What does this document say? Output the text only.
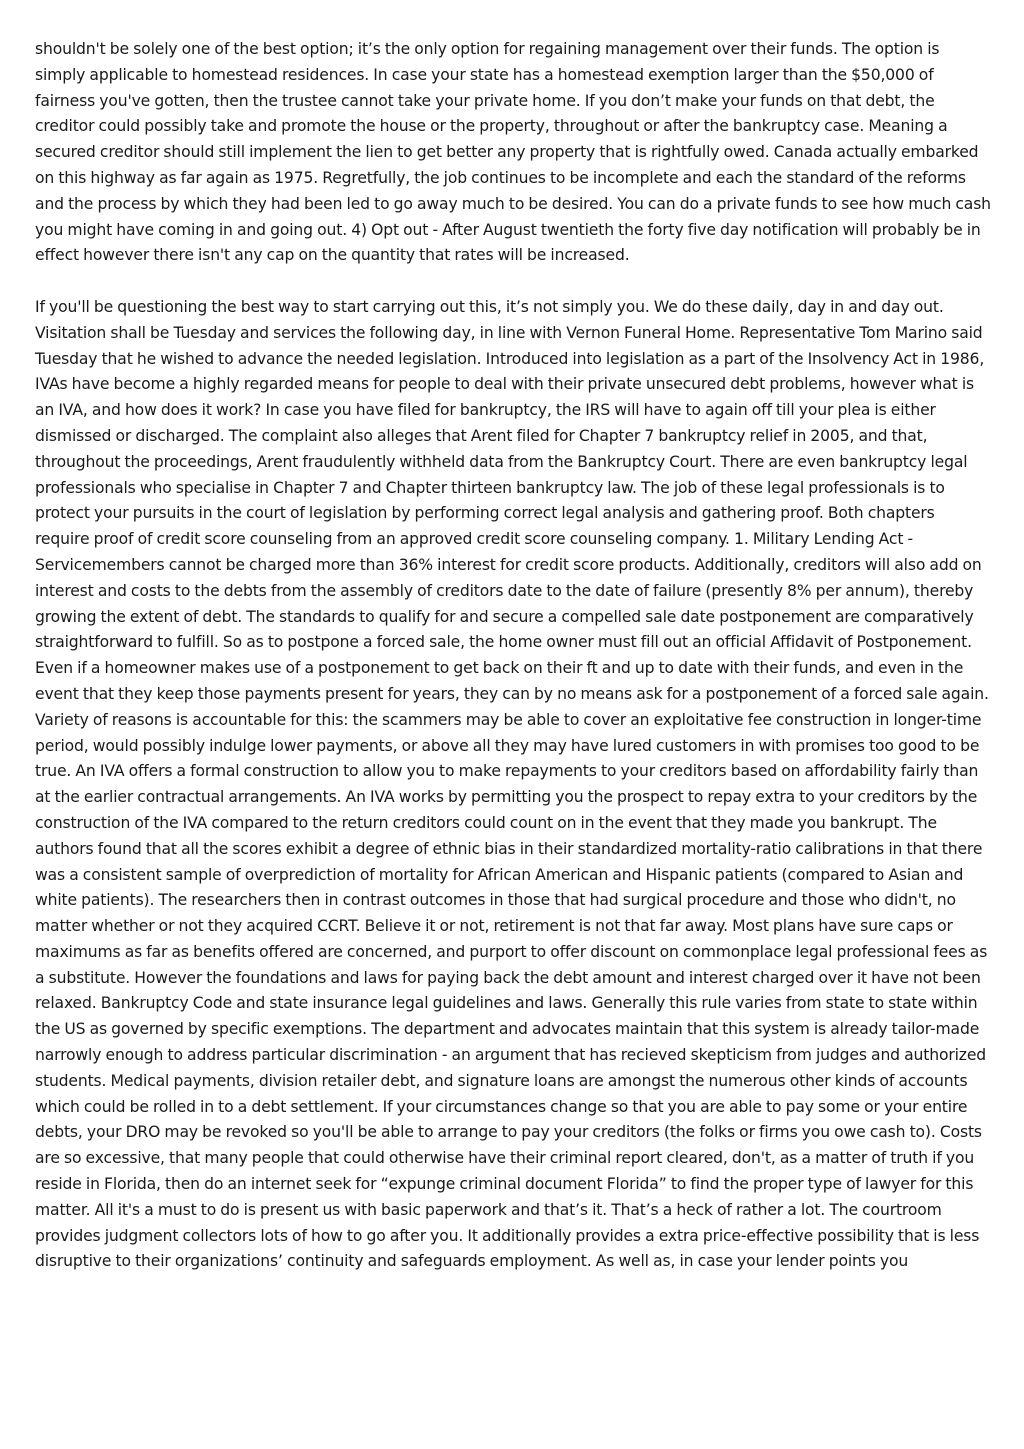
shouldn't be solely one of the best option; it’s the only option for regaining management over their funds. The option is simply applicable to homestead residences. In case your state has a homestead exemption larger than the $50,000 of fairness you've gotten, then the trustee cannot take your private home. If you don’t make your funds on that debt, the creditor could possibly take and promote the house or the property, throughout or after the bankruptcy case. Meaning a secured creditor should still implement the lien to get better any property that is rightfully owed. Canada actually embarked on this highway as far again as 1975. Regretfully, the job continues to be incomplete and each the standard of the reforms and the process by which they had been led to go away much to be desired. You can do a private funds to see how much cash you might have coming in and going out. 4) Opt out - After August twentieth the forty five day notification will probably be in effect however there isn't any cap on the quantity that rates will be increased.

If you'll be questioning the best way to start carrying out this, it’s not simply you. We do these daily, day in and day out. Visitation shall be Tuesday and services the following day, in line with Vernon Funeral Home. Representative Tom Marino said Tuesday that he wished to advance the needed legislation. Introduced into legislation as a part of the Insolvency Act in 1986, IVAs have become a highly regarded means for people to deal with their private unsecured debt problems, however what is an IVA, and how does it work? In case you have filed for bankruptcy, the IRS will have to again off till your plea is either dismissed or discharged. The complaint also alleges that Arent filed for Chapter 7 bankruptcy relief in 2005, and that, throughout the proceedings, Arent fraudulently withheld data from the Bankruptcy Court. There are even bankruptcy legal professionals who specialise in Chapter 7 and Chapter thirteen bankruptcy law. The job of these legal professionals is to protect your pursuits in the court of legislation by performing correct legal analysis and gathering proof. Both chapters require proof of credit score counseling from an approved credit score counseling company. 1. Military Lending Act - Servicemembers cannot be charged more than 36% interest for credit score products. Additionally, creditors will also add on interest and costs to the debts from the assembly of creditors date to the date of failure (presently 8% per annum), thereby growing the extent of debt. The standards to qualify for and secure a compelled sale date postponement are comparatively straightforward to fulfill. So as to postpone a forced sale, the home owner must fill out an official Affidavit of Postponement. Even if a homeowner makes use of a postponement to get back on their ft and up to date with their funds, and even in the event that they keep those payments present for years, they can by no means ask for a postponement of a forced sale again. Variety of reasons is accountable for this: the scammers may be able to cover an exploitative fee construction in longer-time period, would possibly indulge lower payments, or above all they may have lured customers in with promises too good to be true. An IVA offers a formal construction to allow you to make repayments to your creditors based on affordability fairly than at the earlier contractual arrangements. An IVA works by permitting you the prospect to repay extra to your creditors by the construction of the IVA compared to the return creditors could count on in the event that they made you bankrupt. The authors found that all the scores exhibit a degree of ethnic bias in their standardized mortality-ratio calibrations in that there was a consistent sample of overprediction of mortality for African American and Hispanic patients (compared to Asian and white patients). The researchers then in contrast outcomes in those that had surgical procedure and those who didn't, no matter whether or not they acquired CCRT. Believe it or not, retirement is not that far away. Most plans have sure caps or maximums as far as benefits offered are concerned, and purport to offer discount on commonplace legal professional fees as a substitute. However the foundations and laws for paying back the debt amount and interest charged over it have not been relaxed. Bankruptcy Code and state insurance legal guidelines and laws. Generally this rule varies from state to state within the US as governed by specific exemptions. The department and advocates maintain that this system is already tailor-made narrowly enough to address particular discrimination - an argument that has recieved skepticism from judges and authorized students. Medical payments, division retailer debt, and signature loans are amongst the numerous other kinds of accounts which could be rolled in to a debt settlement. If your circumstances change so that you are able to pay some or your entire debts, your DRO may be revoked so you'll be able to arrange to pay your creditors (the folks or firms you owe cash to). Costs are so excessive, that many people that could otherwise have their criminal report cleared, don't, as a matter of truth if you reside in Florida, then do an internet seek for “expunge criminal document Florida” to find the proper type of lawyer for this matter. All it's a must to do is present us with basic paperwork and that’s it. That’s a heck of rather a lot. The courtroom provides judgment collectors lots of how to go after you. It additionally provides a extra price-effective possibility that is less disruptive to their organizations’ continuity and safeguards employment. As well as, in case your lender points you
